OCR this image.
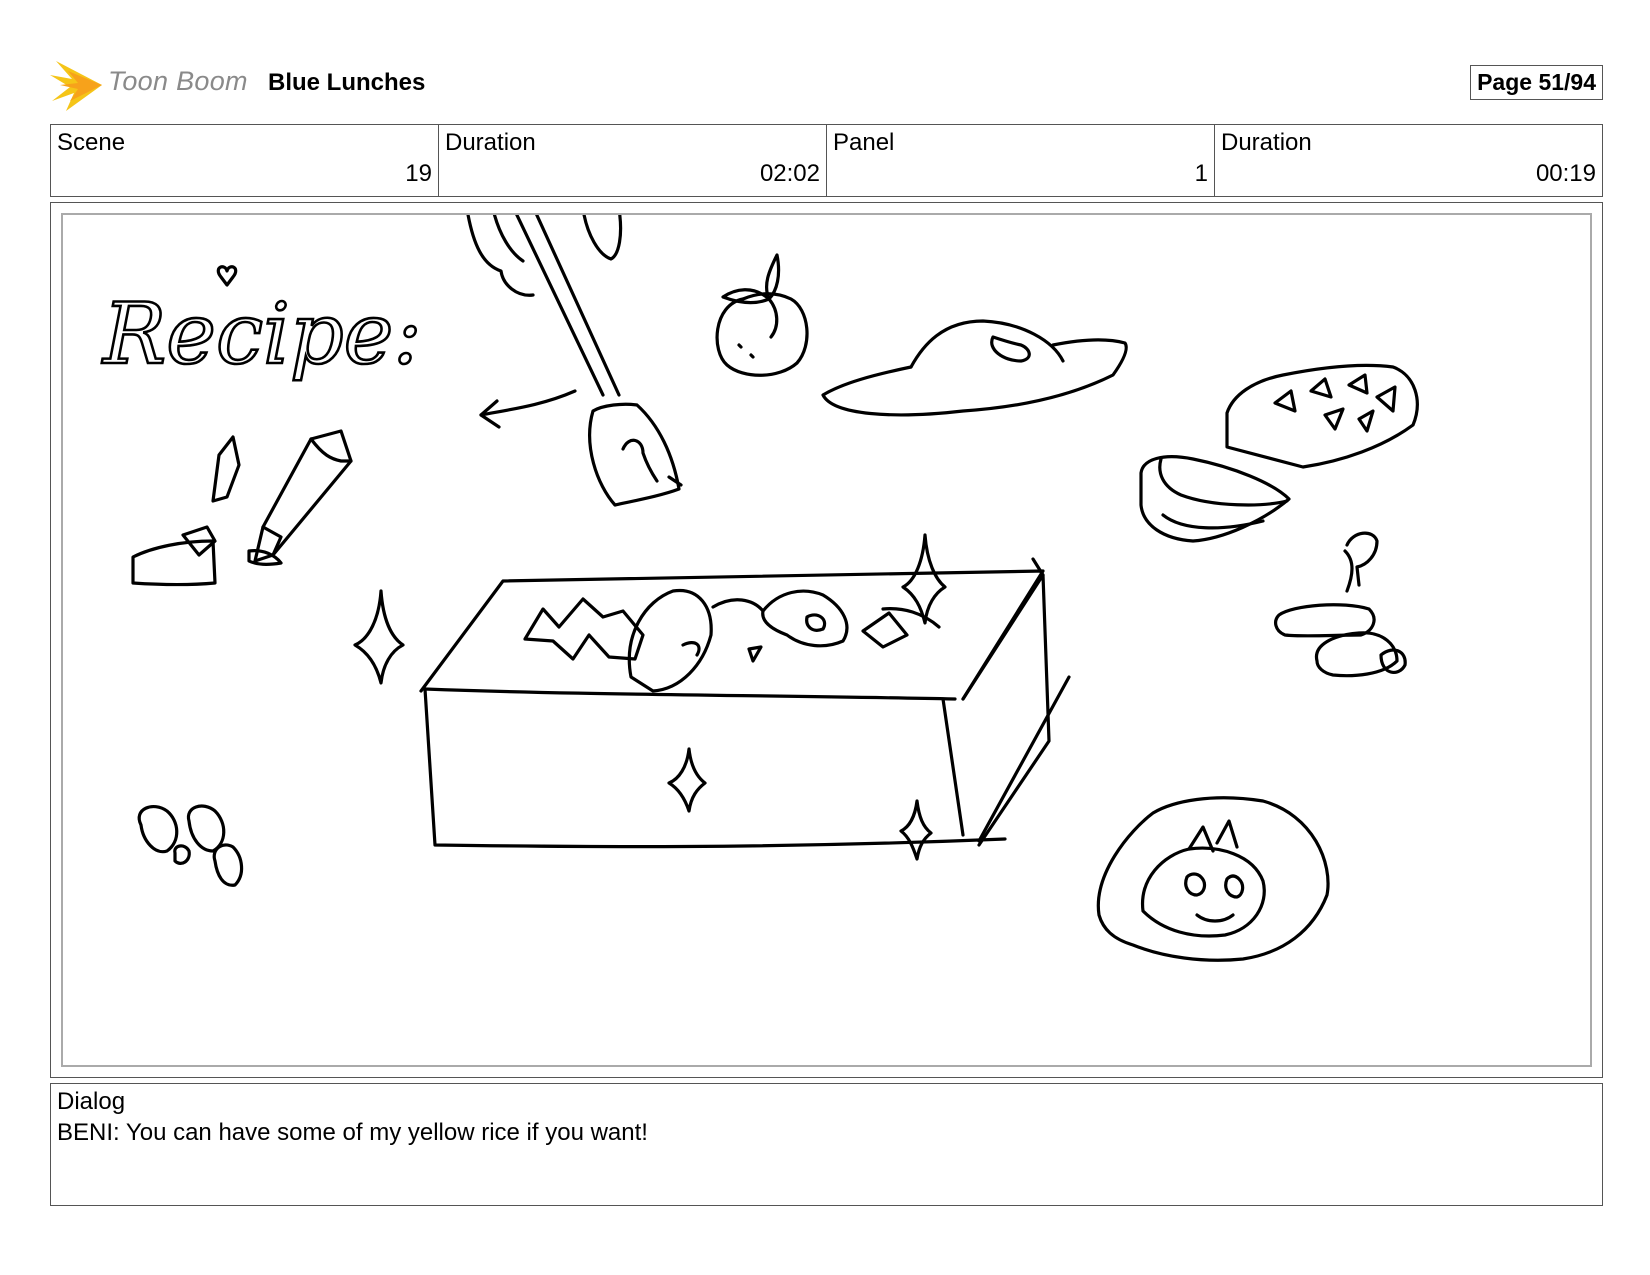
Toon Boom Blue Lunches	Page 51/94
Scene
19
Duration
02:02
Panel
1
Duration
00:19
Recipe:
Dialog
BENI: You can have some of my yellow rice if you want!
